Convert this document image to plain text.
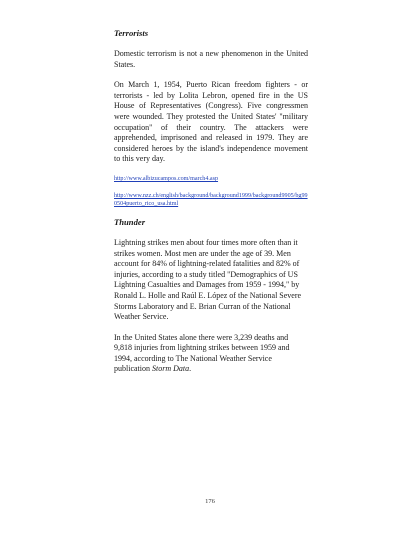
Terrorists

Domestic terrorism is not a new phenomenon in the United States.

On March 1, 1954, Puerto Rican freedom fighters - or terrorists - led by Lolita Lebron, opened fire in the US House of Representatives (Congress). Five congressmen were wounded. They protested the United States' "military occupation" of their country. The attackers were apprehended, imprisoned and released in 1979. They are considered heroes by the island's independence movement to this very day.

http://www.albizucampos.com/march4.asp
http://www.nzz.ch/english/background/background1999/background9905/bg990504puerto_rico_usa.html
Thunder

Lightning strikes men about four times more often than it strikes women. Most men are under the age of 39. Men account for 84% of lightning-related fatalities and 82% of injuries, according to a study titled "Demographics of US Lightning Casualties and Damages from 1959 - 1994," by Ronald L. Holle and Raúl E. López of the National Severe Storms Laboratory and E. Brian Curran of the National Weather Service.

In the United States alone there were 3,239 deaths and 9,818 injuries from lightning strikes between 1959 and 1994, according to The National Weather Service publication Storm Data.

176
